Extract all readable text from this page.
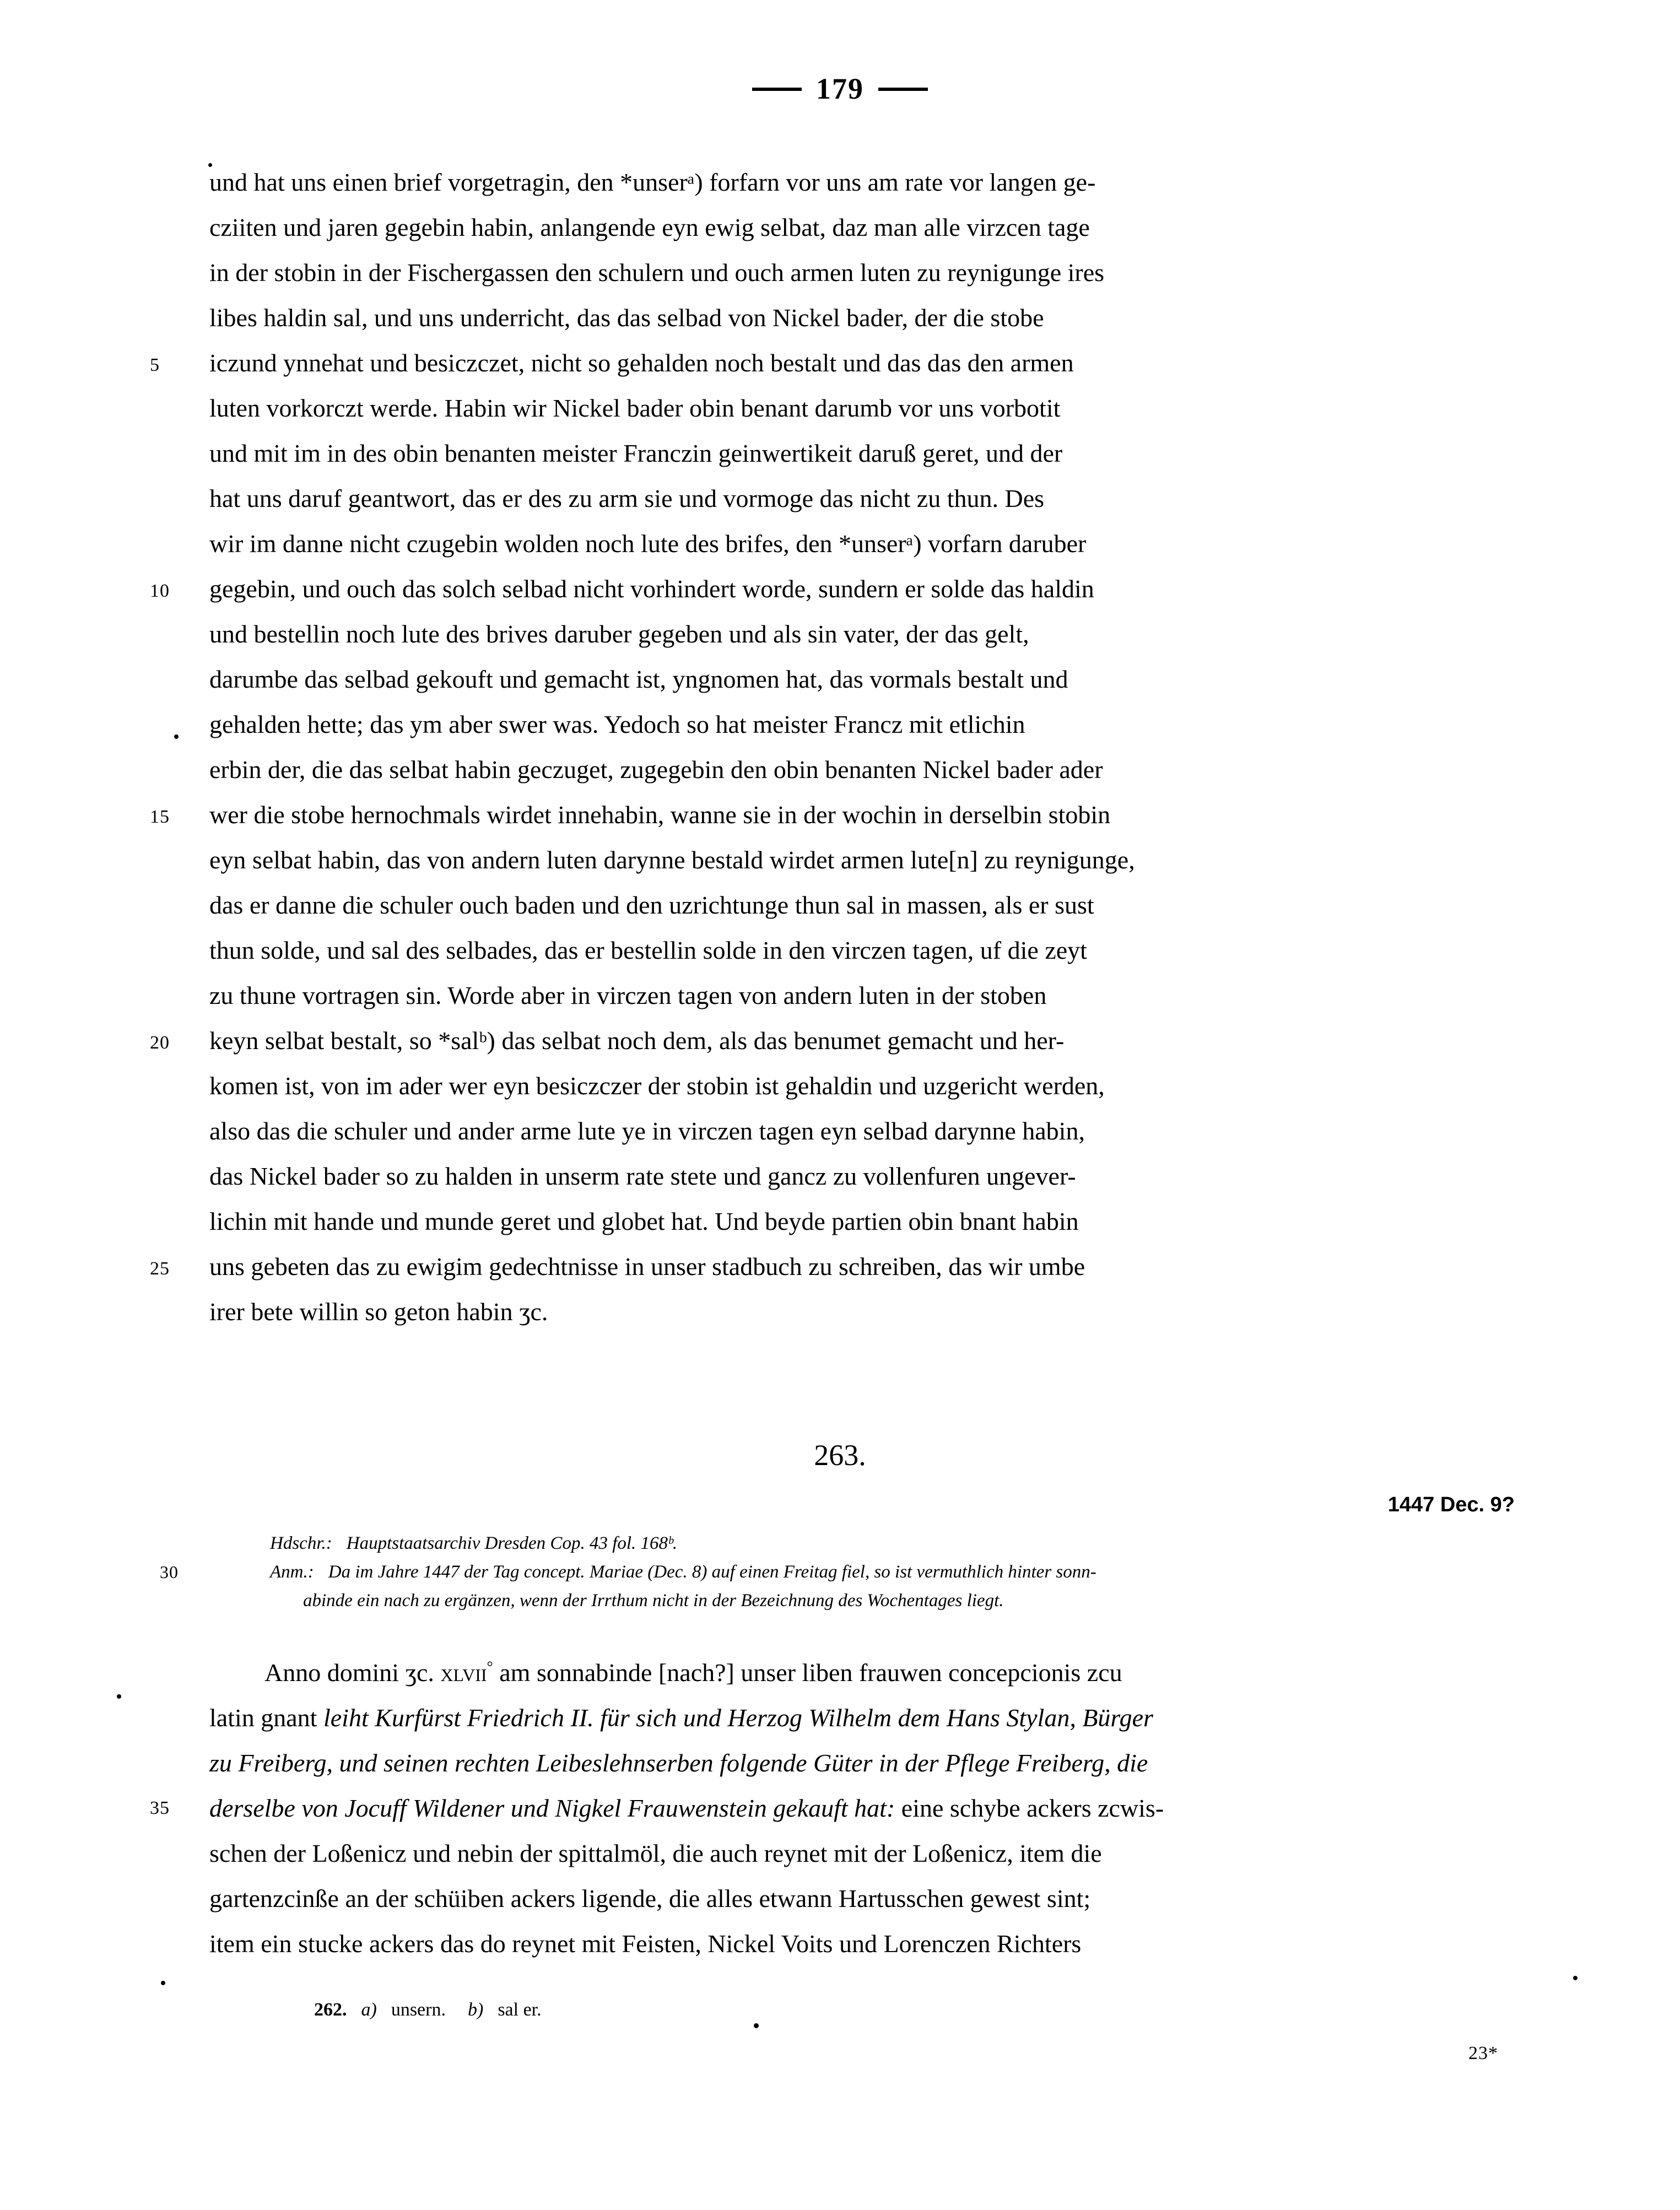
179
und hat uns einen brief vorgetragin, den *unserᵃ) forfarn vor uns am rate vor langen ge-
cziiten und jaren gegebin habin, anlangende eyn ewig selbat, daz man alle virzcen tage
in der stobin in der Fischergassen den schulern und ouch armen luten zu reynigunge ires
libes haldin sal, und uns underricht, das das selbad von Nickel bader, der die stobe
5 iczund ynnehat und besiczczet, nicht so gehalden noch bestalt und das das den armen
luten vorkorczt werde. Habin wir Nickel bader obin benant darumb vor uns vorbotit
und mit im in des obin benanten meister Franczin geinwertikeit daruß geret, und der
hat uns daruf geantwort, das er des zu arm sie und vormoge das nicht zu thun. Des
wir im danne nicht czugebin wolden noch lute des brifes, den *unserᵃ) vorfarn daruber
10 gegebin, und ouch das solch selbad nicht vorhindert worde, sundern er solde das haldin
und bestellin noch lute des brives daruber gegeben und als sin vater, der das gelt,
darumbe das selbad gekouft und gemacht ist, yngnomen hat, das vormals bestalt und
gehalden hette; das ym aber swer was. Yedoch so hat meister Francz mit etlichin
erbin der, die das selbat habin geczuget, zugegebin den obin benanten Nickel bader ader
15 wer die stobe hernochmals wirdet innehabin, wanne sie in der wochin in derselbin stobin
eyn selbat habin, das von andern luten darynne bestald wirdet armen lute[n] zu reynigunge,
das er danne die schuler ouch baden und den uzrichtunge thun sal in massen, als er sust
thun solde, und sal des selbades, das er bestellin solde in den virczen tagen, uf die zeyt
zu thune vortragen sin. Worde aber in virczen tagen von andern luten in der stoben
20 keyn selbat bestalt, so *salᵇ) das selbat noch dem, als das benumet gemacht und her-
komen ist, von im ader wer eyn besiczczer der stobin ist gehaldin und uzgericht werden,
also das die schuler und ander arme lute ye in virczen tagen eyn selbad darynne habin,
das Nickel bader so zu halden in unserm rate stete und gancz zu vollenfuren ungever-
lichin mit hande und munde geret und globet hat. Und beyde partien obin bnant habin
25 uns gebeten das zu ewigim gedechtnisse in unser stadbuch zu schreiben, das wir umbe
irer bete willin so geton habin ʒc.
263.
1447 Dec. 9?
Hdschr.: Hauptstaatsarchiv Dresden Cop. 43 fol. 168ᵇ.
30	Anm.: Da im Jahre 1447 der Tag concept. Mariae (Dec. 8) auf einen Freitag fiel, so ist vermuthlich hinter sonn-
abinde ein nach zu ergänzen, wenn der Irrthum nicht in der Bezeichnung des Wochentages liegt.
Anno domini ʒc. xlvii° am sonnabinde [nach?] unser liben frauwen concepcionis zcu
latin gnant leiht Kurfürst Friedrich II. für sich und Herzog Wilhelm dem Hans Stylan, Bürger
zu Freiberg, und seinen rechten Leibeslehnserben folgende Güter in der Pflege Freiberg, die
35 derselbe von Jocuff Wildener und Nigkel Frauwenstein gekauft hat: eine schybe ackers zcwis-
schen der Loßenicz und nebin der spittalmöl, die auch reynet mit der Loßenicz, item die
gartenzcinße an der schüiben ackers ligende, die alles etwann Hartusschen gewest sint;
item ein stucke ackers das do reynet mit Feisten, Nickel Voits und Lorenczen Richters
262. a) unsern. b) sal er.
23*
